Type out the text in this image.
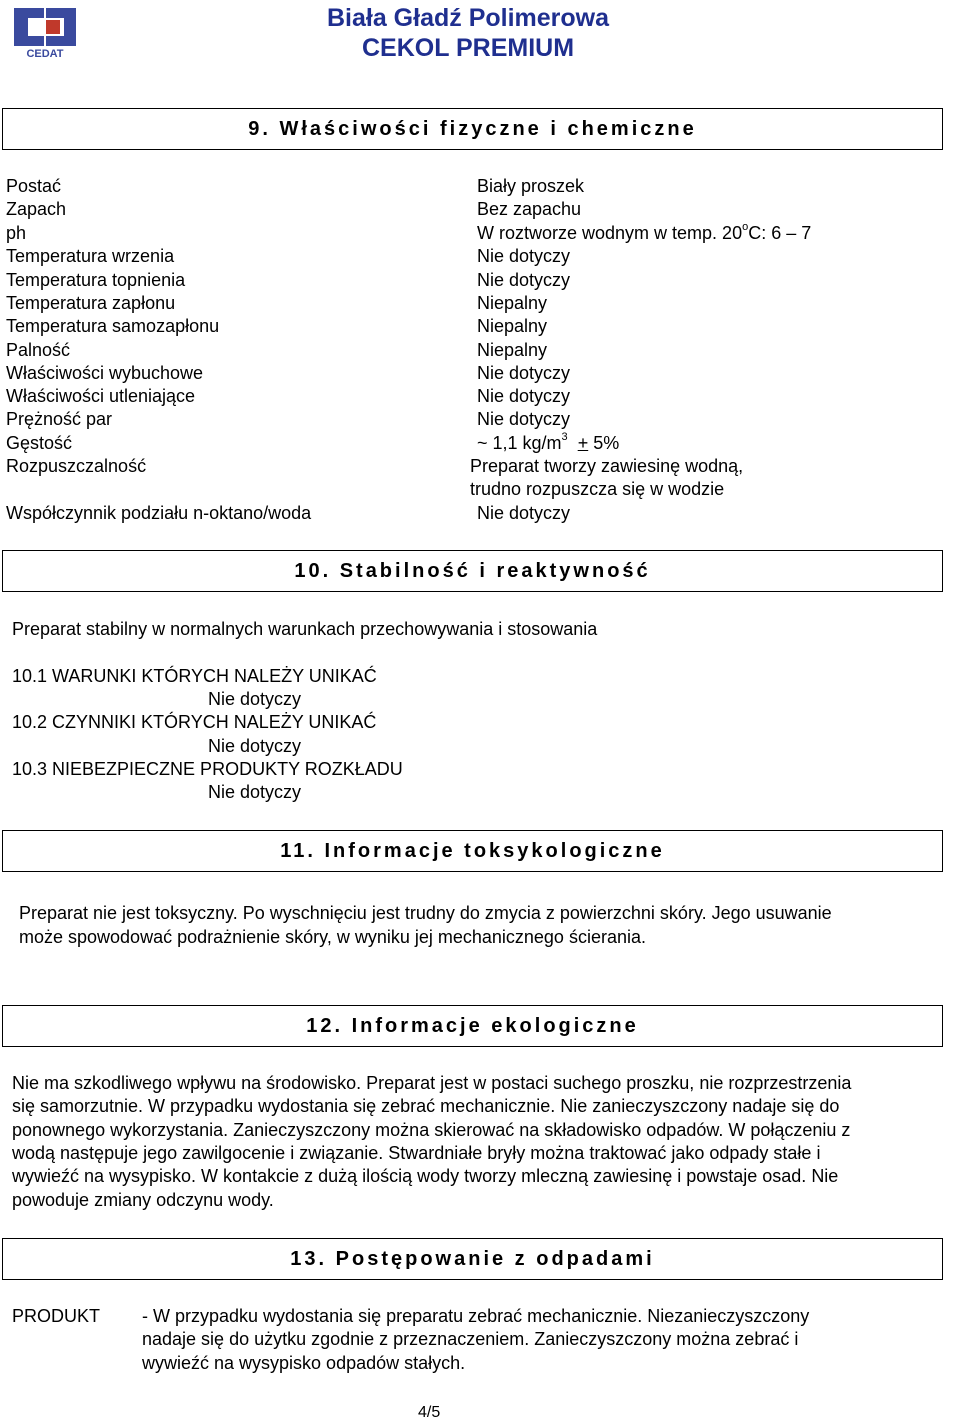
CEDAT
Biała Gładź Polimerowa
CEKOL PREMIUM
9. Właściwości fizyczne i chemiczne
Postać	Biały proszek
Zapach	Bez zapachu
ph	W roztworze wodnym w temp. 20$^o$C: 6 – 7
Temperatura wrzenia	Nie dotyczy
Temperatura topnienia	Nie dotyczy
Temperatura zapłonu	Niepalny
Temperatura samozapłonu	Niepalny
Palność	Niepalny
Właściwości wybuchowe	Nie dotyczy
Właściwości utleniające	Nie dotyczy
Prężność par	Nie dotyczy
Gęstość	~ 1,1 $kg/m^3 + 5\%$
Rozpuszczalność	Preparat tworzy zawiesinę wodną,
trudno rozpuszcza się w wodzie
Współczynnik podziału n-oktano/woda	Nie dotyczy
10. Stabilność i reaktywność
Preparat stabilny w normalnych warunkach przechowywania i stosowania
10.1 WARUNKI KTÓRYCH NALEŻY UNIKAĆ
Nie dotyczy
10.2 CZYNNIKI KTÓRYCH NALEŻY UNIKAĆ
Nie dotyczy
10.3 NIEBEZPIECZNE PRODUKTY ROZKŁADU
Nie dotyczy
11. Informacje toksykologiczne
Preparat nie jest toksyczny. Po wyschnięciu jest trudny do zmycia z powierzchni skóry. Jego usuwanie
może spowodować podrażnienie skóry, w wyniku jej mechanicznego ścierania.
12. Informacje ekologiczne
Nie ma szkodliwego wpływu na środowisko. Preparat jest w postaci suchego proszku, nie rozprzestrzenia
się samorzutnie. W przypadku wydostania się zebrać mechanicznie. Nie zanieczyszczony nadaje się do
ponownego wykorzystania. Zanieczyszczony można skierować na składowisko odpadów. W połączeniu z
wodą następuje jego zawilgocenie i związanie. Stwardniałe bryły można traktować jako odpady stałe i
wywieźć na wysypisko. W kontakcie z dużą ilością wody tworzy mleczną zawiesinę i powstaje osad. Nie
powoduje zmiany odczynu wody.
13. Postępowanie z odpadami
PRODUKT - W przypadku wydostania się preparatu zebrać mechanicznie. Niezanieczyszczony
nadaje się do użytku zgodnie z przeznaczeniem. Zanieczyszczony można zebrać i
wywieźć na wysypisko odpadów stałych.
4/5
